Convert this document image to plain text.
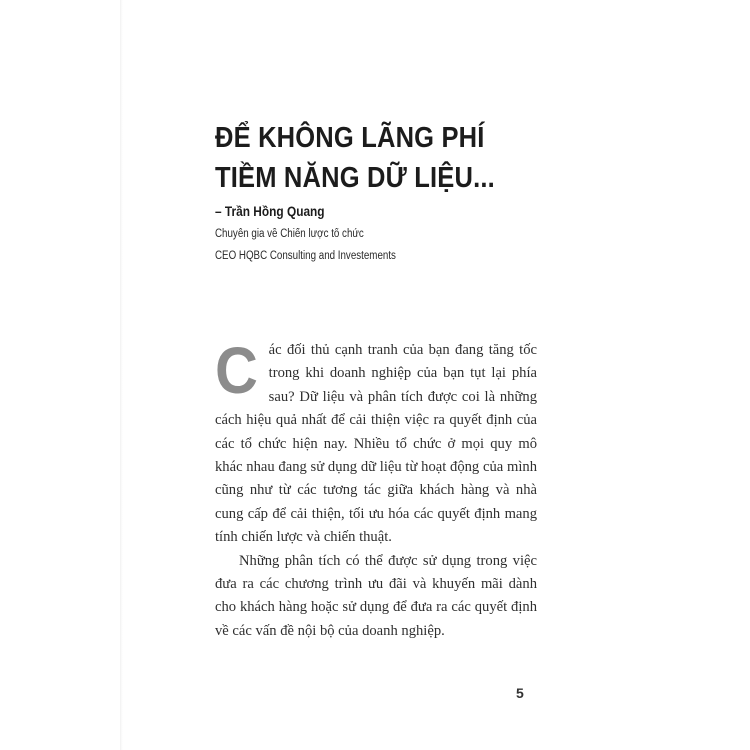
ĐỂ KHÔNG LÃNG PHÍ
TIỀM NĂNG DỮ LIỆU...
– Trần Hồng Quang
Chuyên gia về Chiến lược tổ chức
CEO HQBC Consulting and Investements

Các đối thủ cạnh tranh của bạn đang tăng tốc trong khi doanh nghiệp của bạn tụt lại phía sau? Dữ liệu và phân tích được coi là những cách hiệu quả nhất để cải thiện việc ra quyết định của các tổ chức hiện nay. Nhiều tổ chức ở mọi quy mô khác nhau đang sử dụng dữ liệu từ hoạt động của mình cũng như từ các tương tác giữa khách hàng và nhà cung cấp để cải thiện, tối ưu hóa các quyết định mang tính chiến lược và chiến thuật.

Những phân tích có thể được sử dụng trong việc đưa ra các chương trình ưu đãi và khuyến mãi dành cho khách hàng hoặc sử dụng để đưa ra các quyết định về các vấn đề nội bộ của doanh nghiệp.

5
